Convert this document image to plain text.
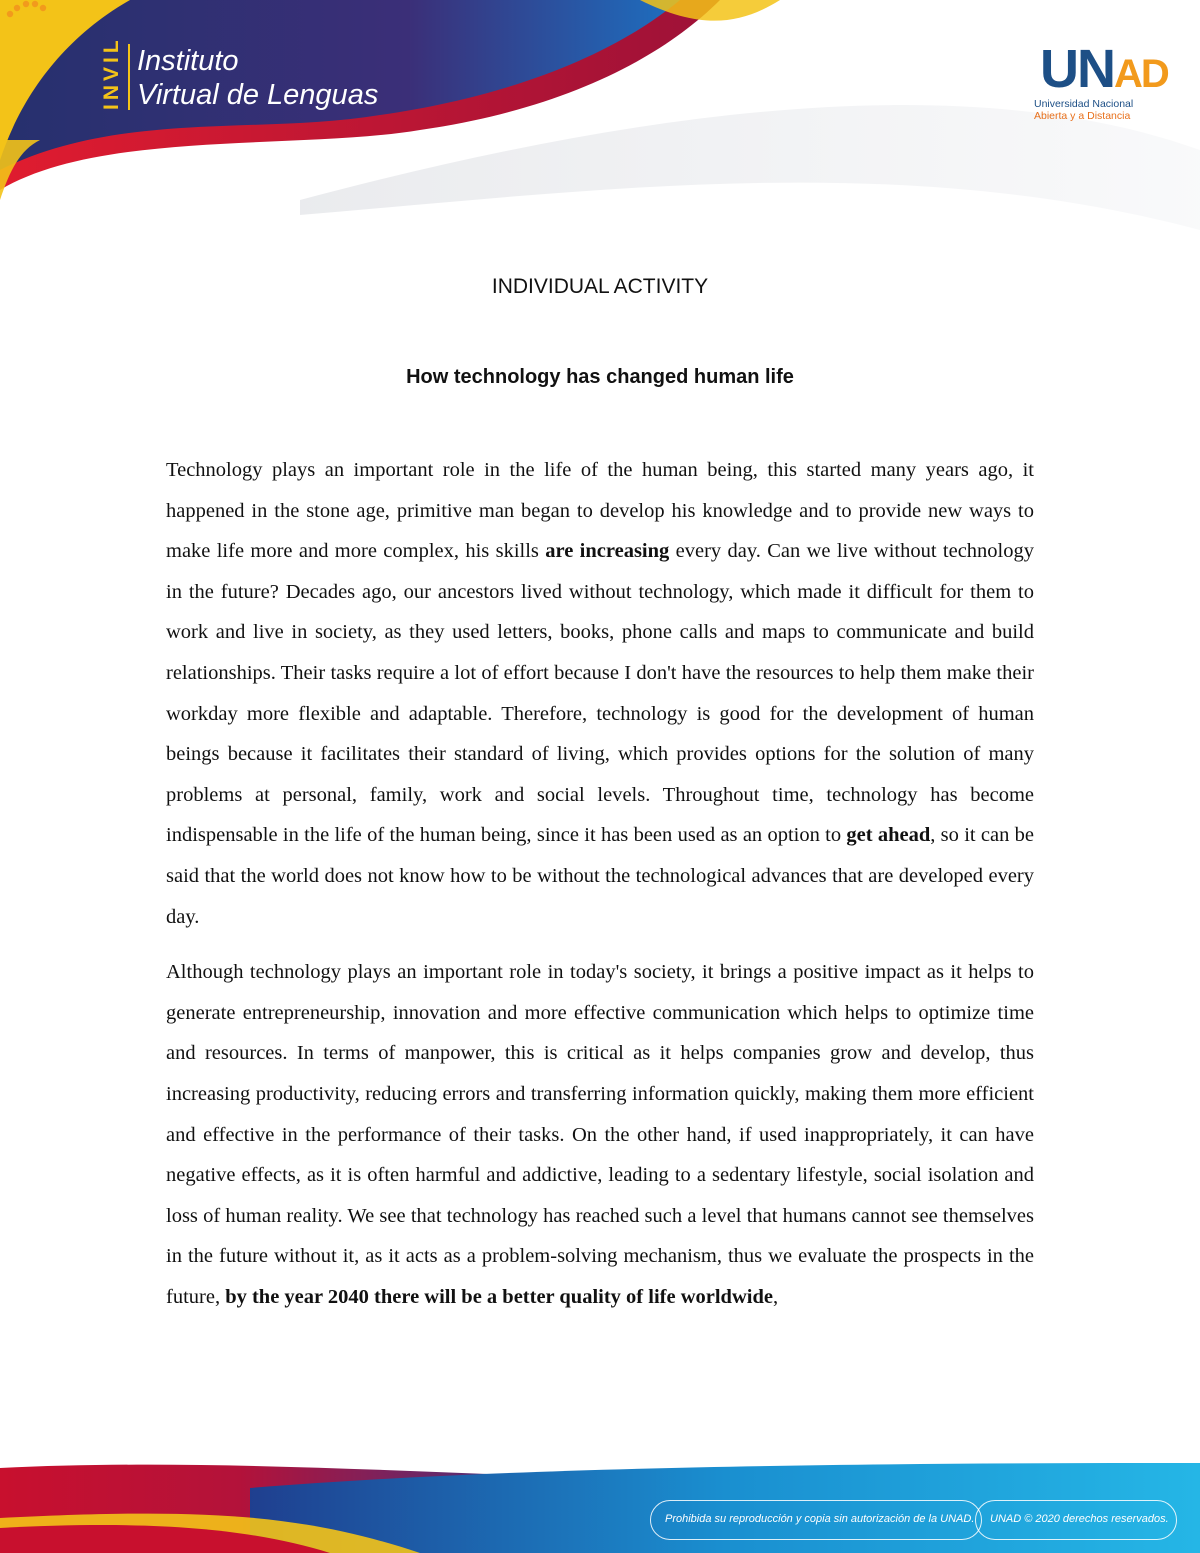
INVIL Instituto
Virtual de Lenguas	UNAD
Universidad Nacional
Abierta y a Distancia
INDIVIDUAL ACTIVITY
How technology has changed human life

Technology plays an important role in the life of the human being, this started many years ago, it happened in the stone age, primitive man began to develop his knowledge and to provide new ways to make life more and more complex, his skills are increasing every day. Can we live without technology in the future? Decades ago, our ancestors lived without technology, which made it difficult for them to work and live in society, as they used letters, books, phone calls and maps to communicate and build relationships. Their tasks require a lot of effort because I don't have the resources to help them make their workday more flexible and adaptable. Therefore, technology is good for the development of human beings because it facilitates their standard of living, which provides options for the solution of many problems at personal, family, work and social levels. Throughout time, technology has become indispensable in the life of the human being, since it has been used as an option to get ahead, so it can be said that the world does not know how to be without the technological advances that are developed every day.

Although technology plays an important role in today's society, it brings a positive impact as it helps to generate entrepreneurship, innovation and more effective communication which helps to optimize time and resources. In terms of manpower, this is critical as it helps companies grow and develop, thus increasing productivity, reducing errors and transferring information quickly, making them more efficient and effective in the performance of their tasks. On the other hand, if used inappropriately, it can have negative effects, as it is often harmful and addictive, leading to a sedentary lifestyle, social isolation and loss of human reality. We see that technology has reached such a level that humans cannot see themselves in the future without it, as it acts as a problem-solving mechanism, thus we evaluate the prospects in the future, by the year 2040 there will be a better quality of life worldwide,

Prohibida su reproducción y copia sin autorización de la UNAD. UNAD © 2020 derechos reservados.
